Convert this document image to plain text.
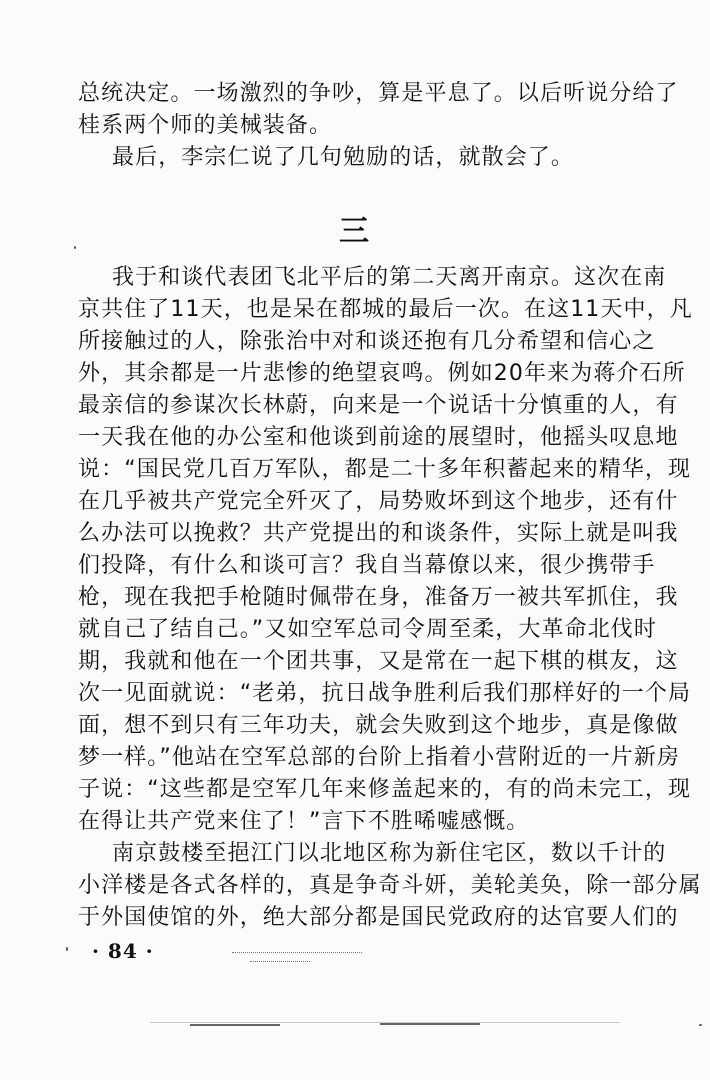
总统决定。一场激烈的争吵，算是平息了。以后听说分给了
桂系两个师的美械装备。
最后，李宗仁说了几句勉励的话，就散会了。
三
我于和谈代表团飞北平后的第二天离开南京。这次在南
京共住了11天，也是呆在都城的最后一次。在这11天中，凡
所接触过的人，除张治中对和谈还抱有几分希望和信心之
外，其余都是一片悲惨的绝望哀鸣。例如20年来为蒋介石所
最亲信的参谋次长林蔚，向来是一个说话十分慎重的人，有
一天我在他的办公室和他谈到前途的展望时，他摇头叹息地
说：“国民党几百万军队，都是二十多年积蓄起来的精华，现
在几乎被共产党完全歼灭了，局势败坏到这个地步，还有什
么办法可以挽救？共产党提出的和谈条件，实际上就是叫我
们投降，有什么和谈可言？我自当幕僚以来，很少携带手
枪，现在我把手枪随时佩带在身，准备万一被共军抓住，我
就自己了结自己。”又如空军总司令周至柔，大革命北伐时
期，我就和他在一个团共事，又是常在一起下棋的棋友，这
次一见面就说：“老弟，抗日战争胜利后我们那样好的一个局
面，想不到只有三年功夫，就会失败到这个地步，真是像做
梦一样。”他站在空军总部的台阶上指着小营附近的一片新房
子说：“这些都是空军几年来修盖起来的，有的尚未完工，现
在得让共产党来住了！”言下不胜唏嘘感慨。
南京鼓楼至挹江门以北地区称为新住宅区，数以千计的
小洋楼是各式各样的，真是争奇斗妍，美轮美奂，除一部分属
于外国使馆的外，绝大部分都是国民党政府的达官要人们的
· 84 ·
